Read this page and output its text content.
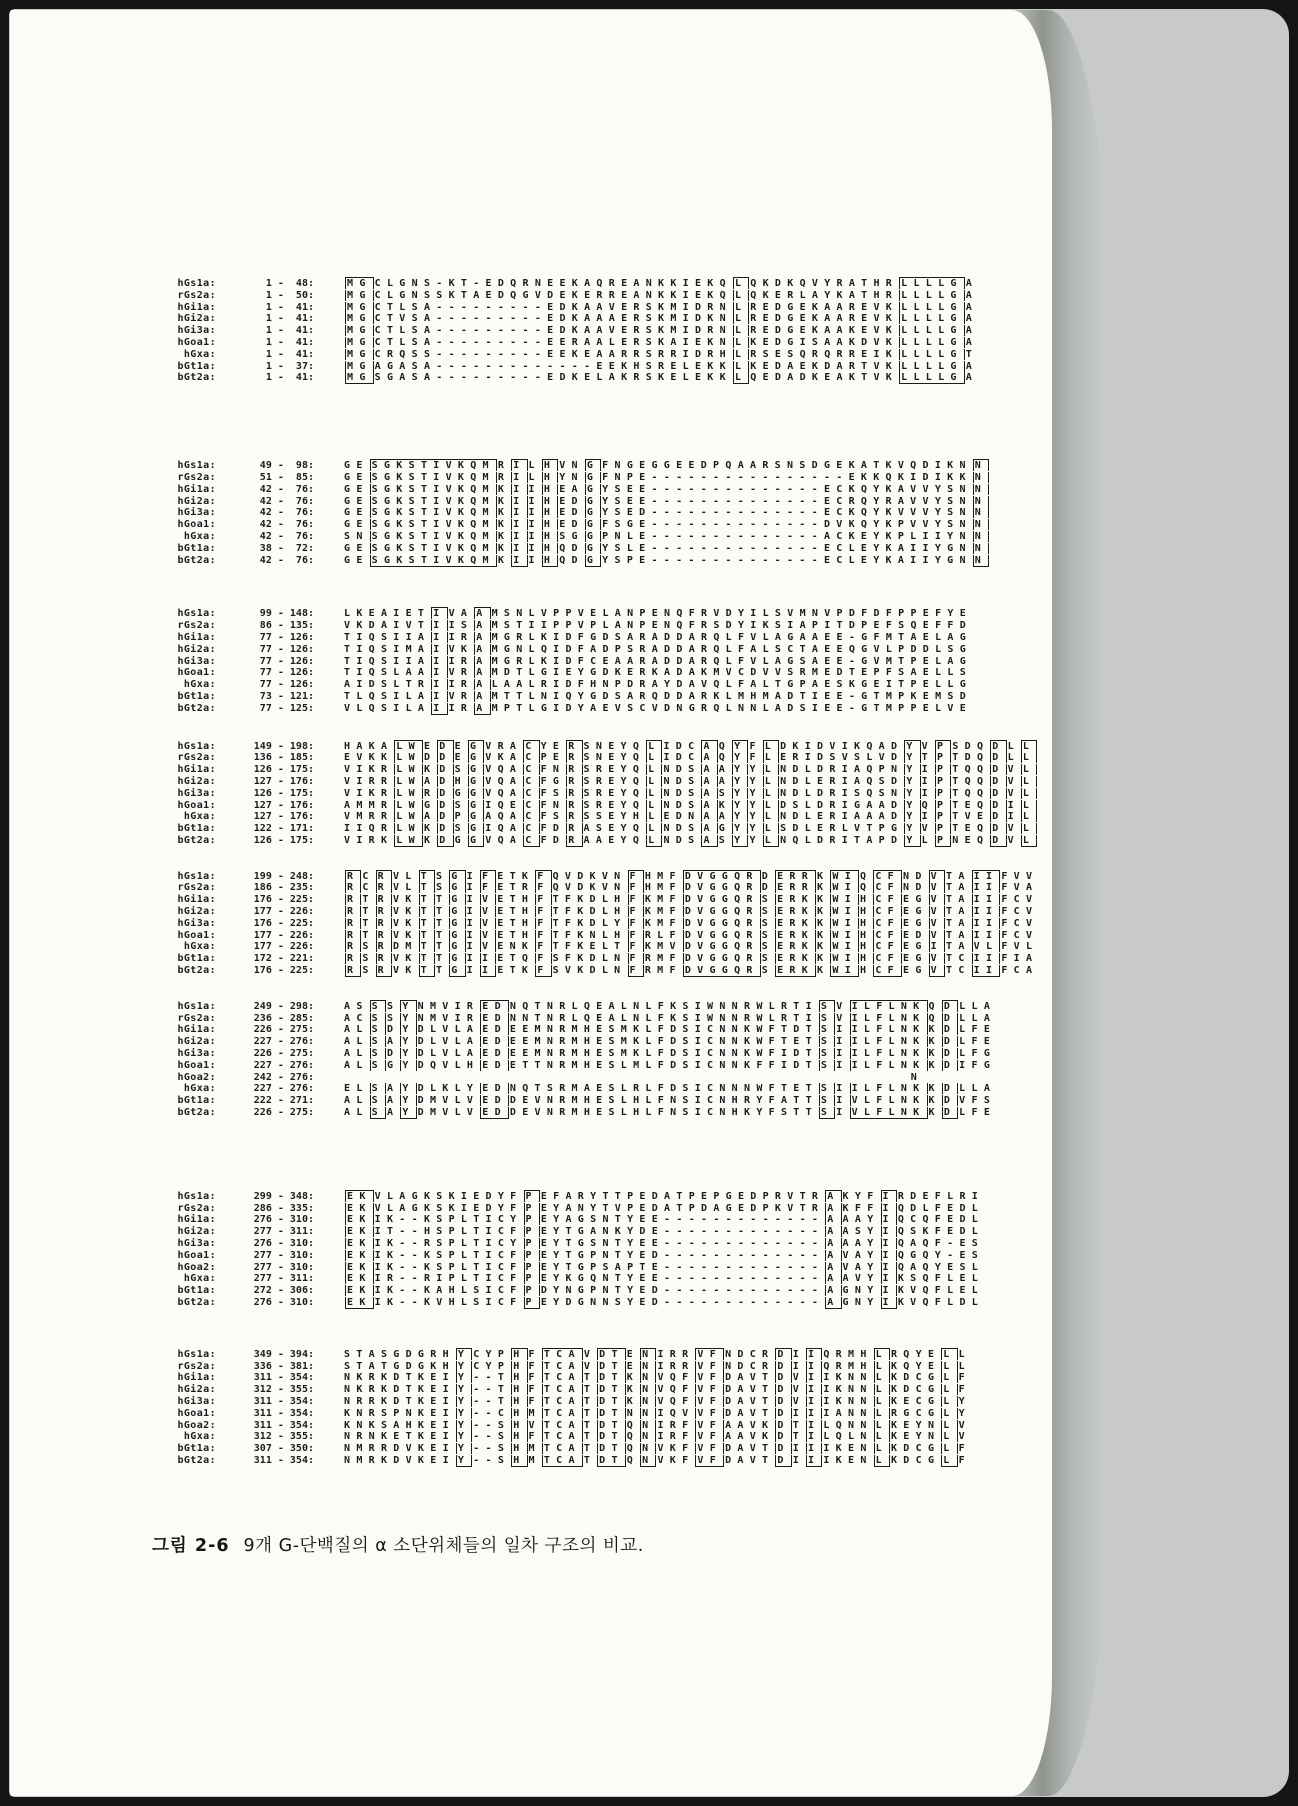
hGs1a:	1 -  48:	MG CLGNS-KT-EDQRNEEKAQREANKKIEKQ L QKDKQVYRATHR LLLLG A
rGs2a:	1 -  50:	MG CLGNSSKTAEDQGVDEKERREANKKIEKQ L QKERLAYKATHR LLLLG A
hGi1a:	1 -  41:	MG CTLSA---------EDKAAVERSKMIDRN L REDGEKAAREVK LLLLG A
hGi2a:	1 -  41:	MG CTVSA---------EDKAAAERSKMIDKN L REDGEKAAREVK LLLLG A
hGi3a:	1 -  41:	MG CTLSA---------EDKAAVERSKMIDRN L REDGEKAAKEVK LLLLG A
hGoa1:	1 -  41:	MG CTLSA---------EERAALERSKAIEKN L KEDGISAAKDVK LLLLG A
hGxa:	1 -  41:	MG CRQSS---------EEKEAARRSRRIDRH L RSESQRQRREIK LLLLG T
bGt1a:	1 -  37:	MG AGASA-------------EEKHSRELEKK L KEDAEKDARTVK LLLLG A
bGt2a:	1 -  41:	MG SGASA---------EDKELAKRSKELEKK L QEDADKEAKTVK LLLLG A
hGs1a:	49 -  98:	GE SGKSTIVKQM R I L H VN G FNGEGGEEDPQAARSNSDGEKATKVQDIKN N
rGs2a:	51 -  85:	GE SGKSTIVKQM R I L H YN G FNPE----------------EKKQKIDIKK N
hGi1a:	42 -  76:	GE SGKSTIVKQM K I I H EA G YSEE--------------ECKQYKAVVYSN N
hGi2a:	42 -  76:	GE SGKSTIVKQM K I I H ED G YSEE--------------ECRQYRAVVYSN N
hGi3a:	42 -  76:	GE SGKSTIVKQM K I I H ED G YSED--------------ECKQYKVVVYSN N
hGoa1:	42 -  76:	GE SGKSTIVKQM K I I H ED G FSGE--------------DVKQYKPVVYSN N
hGxa:	42 -  76:	SN SGKSTIVKQM K I I H SG G PNLE--------------ACKEYKPLIIYN N
bGt1a:	38 -  72:	GE SGKSTIVKQM K I I H QD G YSLE--------------ECLEYKAIIYGN N
bGt2a:	42 -  76:	GE SGKSTIVKQM K I I H QD G YSPE--------------ECLEYKAIIYGN N
hGs1a:	99 - 148:	LKEAIET I VA A MSNLVPPVELANPENQFRVDYILSVMNVPDFDFPPEFYE
rGs2a:	86 - 135:	VKDAIVT I IS A MSTIIPPVPLANPENQFRSDYIKSIAPITDPEFSQEFFD
hGi1a:	77 - 126:	TIQSIIA I IR A MGRLKIDFGDSARADDARQLFVLAGAAEE-GFMTAELAG
hGi2a:	77 - 126:	TIQSIMA I VK A MGNLQIDFADPSRADDARQLFALSCTAEEQGVLPDDLSG
hGi3a:	77 - 126:	TIQSIIA I IR A MGRLKIDFCEAARADDARQLFVLAGSAEE-GVMTPELAG
hGoa1:	77 - 126:	TIQSLAA I VR A MDTLGIEYGDKERKADAKMVCDVVSRMEDTEPFSAELLS
hGxa:	77 - 126:	AIDSLTR I IR A LAALRIDFHNPDRAYDAVQLFALTGPAESKGEITPELLG
bGt1a:	73 - 121:	TLQSILA I VR A MTTLNIQYGDSARQDDARKLMHMADTIEE-GTMPKEMSD
bGt2a:	77 - 125:	VLQSILA I IR A MPTLGIDYAEVSCVDNGRQLNNLADSIEE-GTMPPELVE
hGs1a:	149 - 198:	HAKA LW E D E G VRA C YE R SNEYQ L IDC A Q Y F L DKIDVIKQAD Y V P SDQ D L L
rGs2a:	136 - 185:	EVKK LW D D E G VKA C PE R SNEYQ L IDC A Q Y F L ERIDSVSLVD Y T P TDQ D L L
hGi1a:	126 - 175:	VIKR LW K D S G VQA C FN R SREYQ L NDS A A Y Y L NDLDRIAQPN Y I P TQQ D V L
hGi2a:	127 - 176:	VIRR LW A D H G VQA C FG R SREYQ L NDS A A Y Y L NDLERIAQSD Y I P TQQ D V L
hGi3a:	126 - 175:	VIKR LW R D G G VQA C FS R SREYQ L NDS A S Y Y L NDLDRISQSN Y I P TQQ D V L
hGoa1:	127 - 176:	AMMR LW G D S G IQE C FN R SREYQ L NDS A K Y Y L DSLDRIGAAD Y Q P TEQ D I L
hGxa:	127 - 176:	VMRR LW A D P G AQA C FS R SSEYH L EDN A A Y Y L NDLERIAAAD Y I P TVE D I L
bGt1a:	122 - 171:	IIQR LW K D S G IQA C FD R ASEYQ L NDS A G Y Y L SDLERLVTPG Y V P TEQ D V L
bGt2a:	126 - 175:	VIRK LW K D G G VQA C FD R AAEYQ L NDS A S Y Y L NQLDRITAPD Y L P NEQ D V L
hGs1a:	199 - 248:	R C R VL T S G I F ETK F QVDKVN F HMF DVGGQR D ERR K WI Q CF ND V TA II FVV
rGs2a:	186 - 235:	R C R VL T S G I F ETR F QVDKVN F HMF DVGGQR D ERR K WI Q CF ND V TA II FVA
hGi1a:	176 - 225:	R T R VK T T G I V ETH F TFKDLH F KMF DVGGQR S ERK K WI H CF EG V TA II FCV
hGi2a:	177 - 226:	R T R VK T T G I V ETH F TFKDLH F KMF DVGGQR S ERK K WI H CF EG V TA II FCV
hGi3a:	176 - 225:	R T R VK T T G I V ETH F TFKDLY F KMF DVGGQR S ERK K WI H CF EG V TA II FCV
hGoa1:	177 - 226:	R T R VK T T G I V ETH F TFKNLH F RLF DVGGQR S ERK K WI H CF ED V TA II FCV
hGxa:	177 - 226:	R S R DM T T G I V ENK F TFKELT F KMV DVGGQR S ERK K WI H CF EG I TA VL FVL
bGt1a:	172 - 221:	R S R VK T T G I I ETQ F SFKDLN F RMF DVGGQR S ERK K WI H CF EG V TC II FIA
bGt2a:	176 - 225:	R S R VK T T G I I ETK F SVKDLN F RMF DVGGQR S ERK K WI H CF EG V TC II FCA
hGs1a:	249 - 298:	AS S S Y NMVIR ED NQTNRLQEALNLFKSIWNNRWLRTI S V ILFLNK Q D LLA
rGs2a:	236 - 285:	AC S S Y NMVIR ED NNTNRLQEALNLFKSIWNNRWLRTI S V ILFLNK Q D LLA
hGi1a:	226 - 275:	AL S D Y DLVLA ED EEMNRMHESMKLFDSICNNKWFTDT S I ILFLNK K D LFE
hGi2a:	227 - 276:	AL S A Y DLVLA ED EEMNRMHESMKLFDSICNNKWFTET S I ILFLNK K D LFE
hGi3a:	226 - 275:	AL S D Y DLVLA ED EEMNRMHESMKLFDSICNNKWFIDT S I ILFLNK K D LFG
hGoa1:	227 - 276:	AL S G Y DQVLH ED ETTNRMHESLMLFDSICNNKFFIDT S I ILFLNK K D IFG
hGoa2:	242 - 276:	N
hGxa:	227 - 276:	EL S A Y DLKLY ED NQTSRMAESLRLFDSICNNNWFTET S I ILFLNK K D LLA
bGt1a:	222 - 271:	AL S A Y DMVLV ED DEVNRMHESLHLFNSICNHRYFATT S I VLFLNK K D VFS
bGt2a:	226 - 275:	AL S A Y DMVLV ED DEVNRMHESLHLFNSICNHKYFSTT S I VLFLNK K D LFE
hGs1a:	299 - 348:	EK VLAGKSKIEDYF P EFARYTTPEDATPEPGEDPRVTR A KYF I RDEFLRI
rGs2a:	286 - 335:	EK VLAGKSKIEDYF P EYANYTVPEDATPDAGEDPKVTR A KFF I QDLFEDL
hGi1a:	276 - 310:	EK IK--KSPLTICY P EYAGSNTYEE------------- A AAY I QCQFEDL
hGi2a:	277 - 311:	EK IT--HSPLTICF P EYTGANKYDE------------- A ASY I QSKFEDL
hGi3a:	276 - 310:	EK IK--RSPLTICY P EYTGSNTYEE------------- A AAY I QAQF-ES
hGoa1:	277 - 310:	EK IK--KSPLTICF P EYTGPNTYED------------- A VAY I QGQY-ES
hGoa2:	277 - 310:	EK IK--KSPLTICF P EYTGPSAPTE------------- A VAY I QAQYESL
hGxa:	277 - 311:	EK IR--RIPLTICF P EYKGQNTYEE------------- A AVY I KSQFLEL
bGt1a:	272 - 306:	EK IK--KAHLSICF P DYNGPNTYED------------- A GNY I KVQFLEL
bGt2a:	276 - 310:	EK IK--KVHLSICF P EYDGNNSYED------------- A GNY I KVQFLDL
hGs1a:	349 - 394:	STASGDGRH Y CYP H F TCA V DT E N IRR VF NDCR D I I QRMH L RQYE L L
rGs2a:	336 - 381:	STATGDGKH Y CYP H F TCA V DT E N IRR VF NDCR D I I QRMH L KQYE L L
hGi1a:	311 - 354:	NKRKDTKEI Y --T H F TCA T DT K N VQF VF DAVT D V I IKNN L KDCG L F
hGi2a:	312 - 355:	NKRKDTKEI Y --T H F TCA T DT K N VQF VF DAVT D V I IKNN L KDCG L F
hGi3a:	311 - 354:	NRRKDTKEI Y --T H F TCA T DT K N VQF VF DAVT D V I IKNN L KECG L Y
hGoa1:	311 - 354:	KNRSPNKEI Y --C H M TCA T DT N N IQV VF DAVT D I I IANN L RGCG L Y
hGoa2:	311 - 354:	KNKSAHKEI Y --S H V TCA T DT Q N IRF VF AAVK D T I LQNN L KEYN L V
hGxa:	312 - 355:	NRNKETKEI Y --S H F TCA T DT Q N IRF VF AAVK D T I LQLN L KEYN L V
bGt1a:	307 - 350:	NMRRDVKEI Y --S H M TCA T DT Q N VKF VF DAVT D I I IKEN L KDCG L F
bGt2a:	311 - 354:	NMRKDVKEI Y --S H M TCA T DT Q N VKF VF DAVT D I I IKEN L KDCG L F
그림 2-6 9개 G-단백질의 α 소단위체들의 일차 구조의 비교.
